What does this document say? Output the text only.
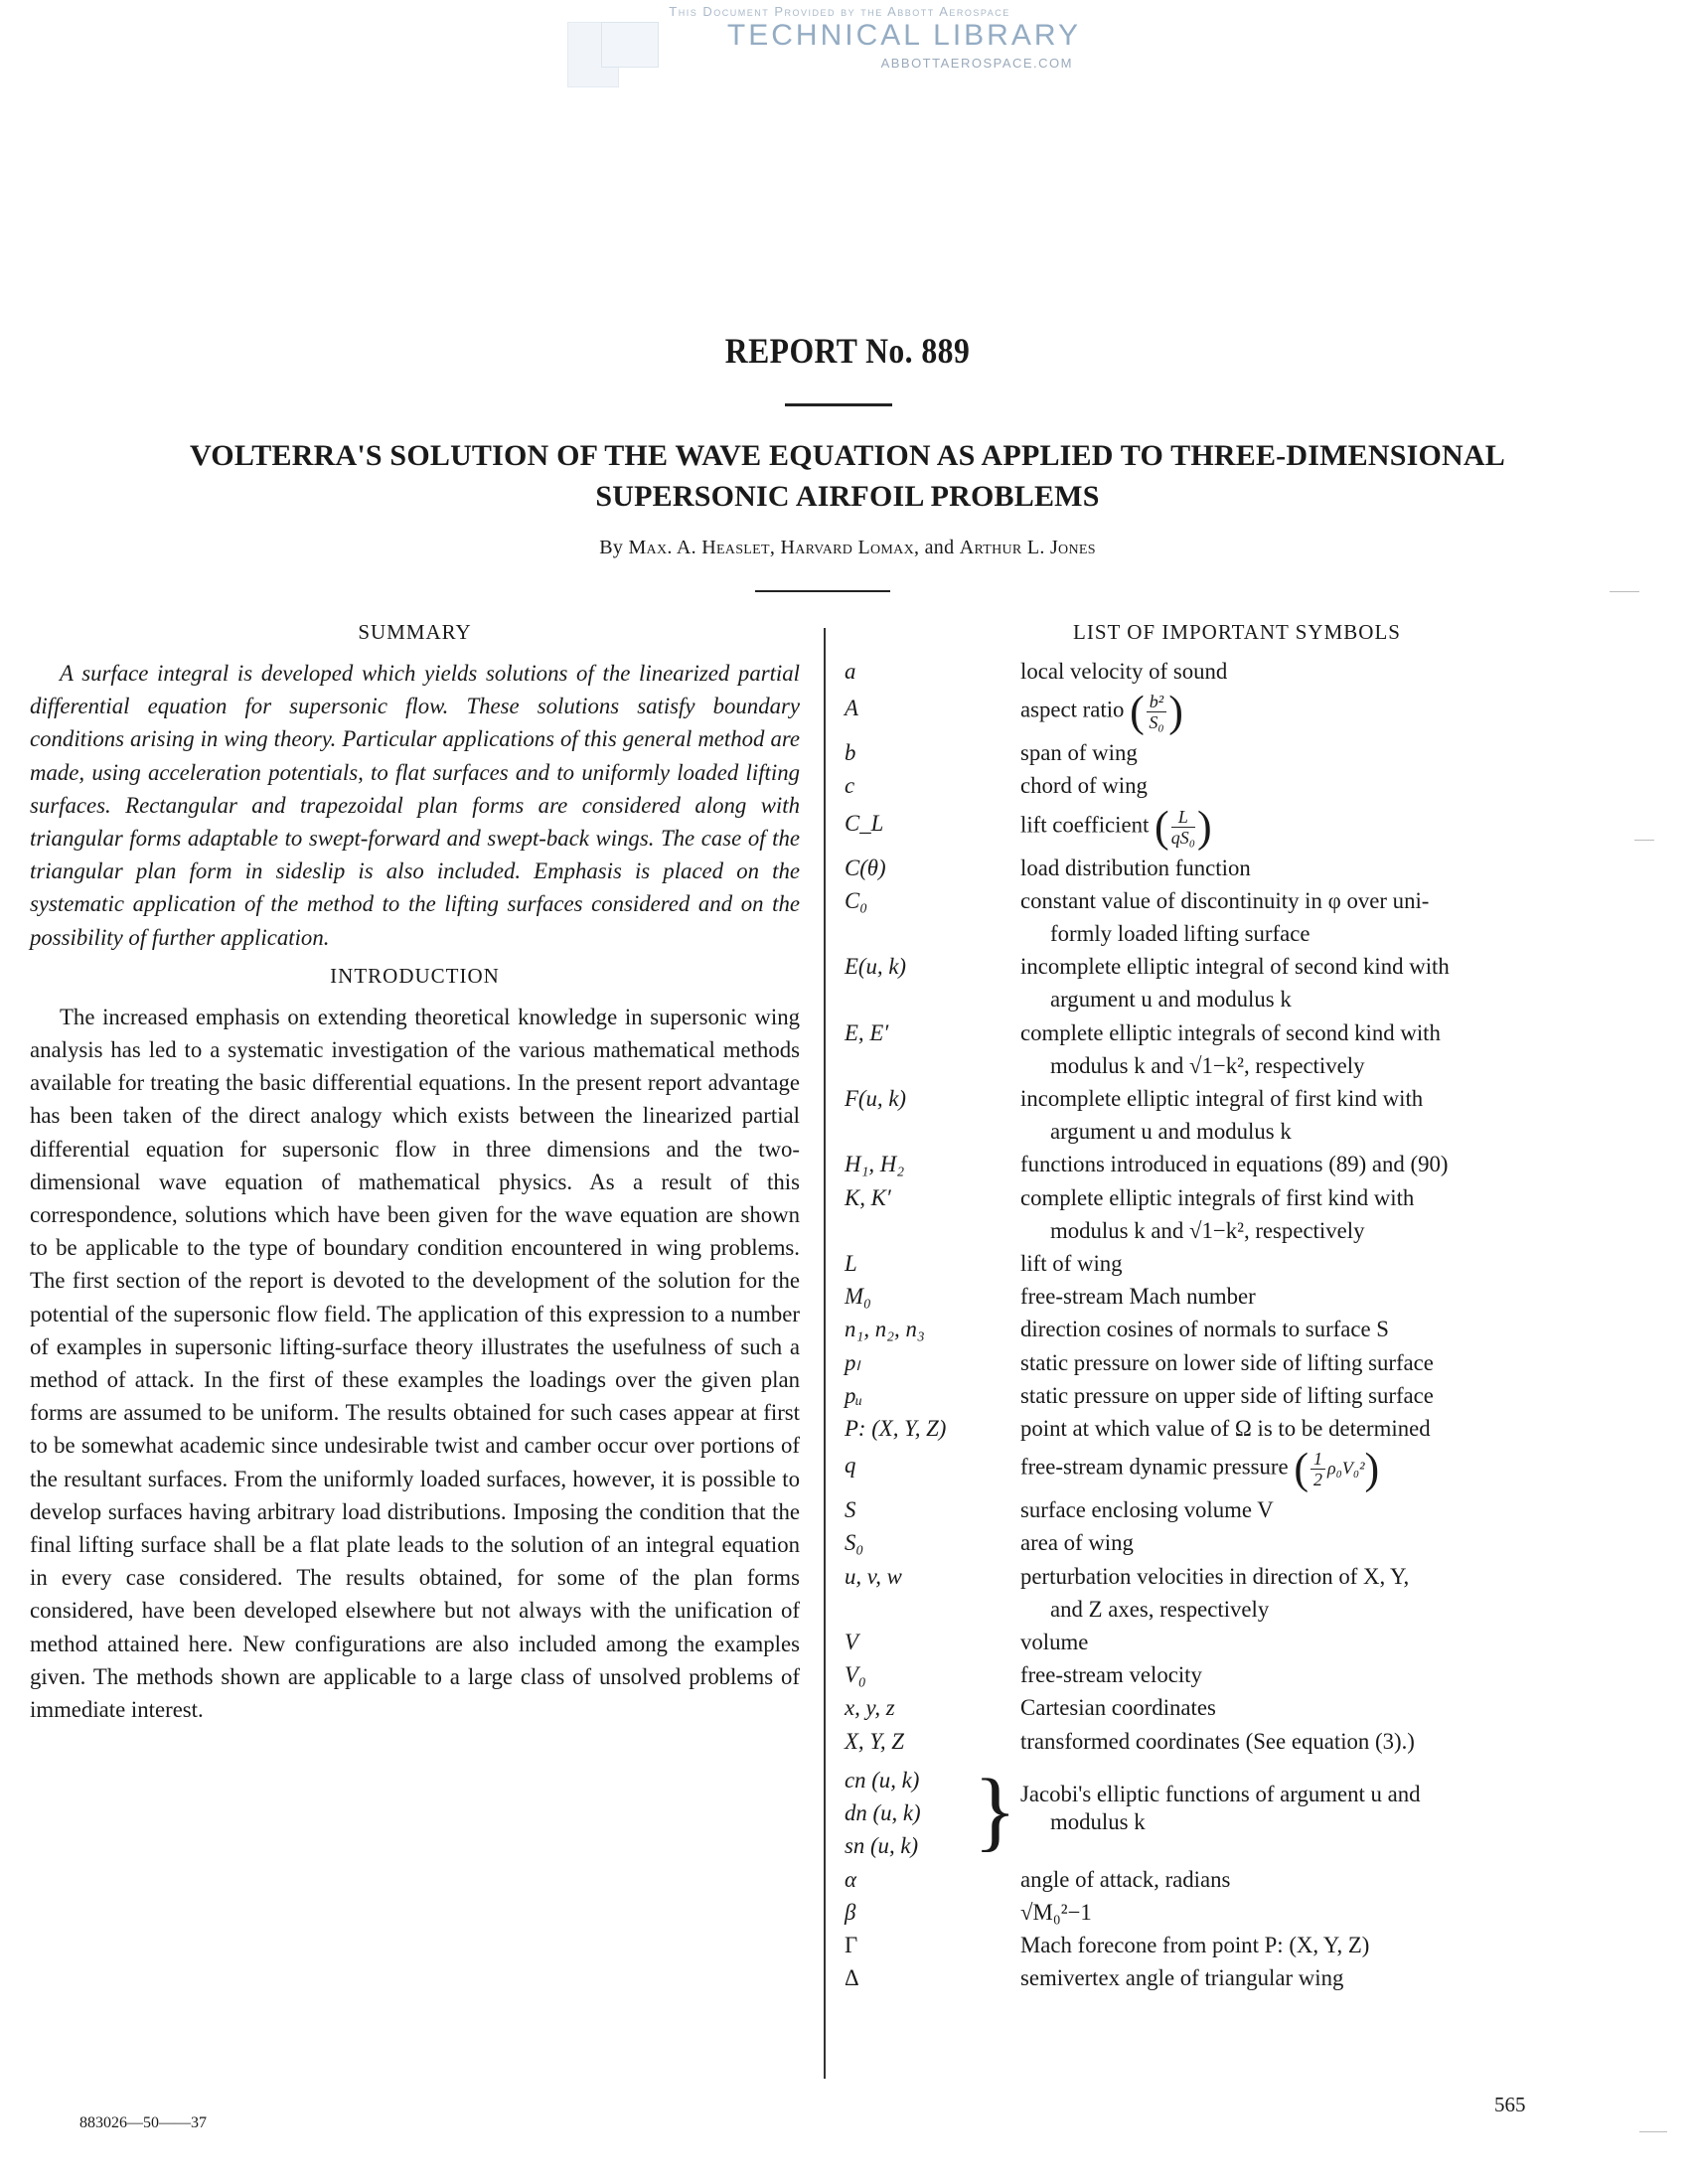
This Document Provided by the Abbott Aerospace
TECHNICAL LIBRARY
ABBOTTAEROSPACE.COM
REPORT No. 889
VOLTERRA'S SOLUTION OF THE WAVE EQUATION AS APPLIED TO THREE-DIMENSIONAL
SUPERSONIC AIRFOIL PROBLEMS
By Max. A. Heaslet, Harvard Lomax, and Arthur L. Jones
SUMMARY
A surface integral is developed which yields solutions of the linearized partial differential equation for supersonic flow. These solutions satisfy boundary conditions arising in wing theory. Particular applications of this general method are made, using acceleration potentials, to flat surfaces and to uniformly loaded lifting surfaces. Rectangular and trapezoidal plan forms are considered along with triangular forms adaptable to swept-forward and swept-back wings. The case of the triangular plan form in sideslip is also included. Emphasis is placed on the systematic application of the method to the lifting surfaces considered and on the possibility of further application.
INTRODUCTION
The increased emphasis on extending theoretical knowledge in supersonic wing analysis has led to a systematic investigation of the various mathematical methods available for treating the basic differential equations. In the present report advantage has been taken of the direct analogy which exists between the linearized partial differential equation for supersonic flow in three dimensions and the two-dimensional wave equation of mathematical physics. As a result of this correspondence, solutions which have been given for the wave equation are shown to be applicable to the type of boundary condition encountered in wing problems. The first section of the report is devoted to the development of the solution for the potential of the supersonic flow field. The application of this expression to a number of examples in supersonic lifting-surface theory illustrates the usefulness of such a method of attack. In the first of these examples the loadings over the given plan forms are assumed to be uniform. The results obtained for such cases appear at first to be somewhat academic since undesirable twist and camber occur over portions of the resultant surfaces. From the uniformly loaded surfaces, however, it is possible to develop surfaces having arbitrary load distributions. Imposing the condition that the final lifting surface shall be a flat plate leads to the solution of an integral equation in every case considered. The results obtained, for some of the plan forms considered, have been developed elsewhere but not always with the unification of method attained here. New configurations are also included among the examples given. The methods shown are applicable to a large class of unsolved problems of immediate interest.
LIST OF IMPORTANT SYMBOLS
a	local velocity of sound
A	aspect ratio ( $\frac{\text{b²}}{\text{S₀}}$ )
b	span of wing
c	chord of wing
C_L	lift coefficient ( $\frac{L}{\text{qS₀}}$ )
C(θ)	load distribution function
C₀	constant value of discontinuity in φ over uni-
formly loaded lifting surface
E(u, k)	incomplete elliptic integral of second kind with
argument u and modulus k
E, E′	complete elliptic integrals of second kind with
modulus k and √1−k², respectively
F(u, k)	incomplete elliptic integral of first kind with
argument u and modulus k
H₁, H₂	functions introduced in equations (89) and (90)
K, K′	complete elliptic integrals of first kind with
modulus k and √1−k², respectively
L	lift of wing
M₀	free-stream Mach number
n₁, n₂, n₃	direction cosines of normals to surface S
pₗ	static pressure on lower side of lifting surface
pᵤ	static pressure on upper side of lifting surface
P: (X, Y, Z)	point at which value of Ω is to be determined
q	free-stream dynamic pressure ( $\frac{1}{2} \rho_0V_0^2$)
S	surface enclosing volume V
S₀	area of wing
u, v, w	perturbation velocities in direction of X, Y,
and Z axes, respectively
V	volume
V₀	free-stream velocity
x, y, z	Cartesian coordinates
X, Y, Z	transformed coordinates (See equation (3).)
cn (u, k)
dn (u, k)
sn (u, k) } Jacobi's elliptic functions of argument u and
modulus k
α	angle of attack, radians
β	√M₀²−1
Γ	Mach forecone from point P: (X, Y, Z)
Δ	semivertex angle of triangular wing
883026—50——37
565
